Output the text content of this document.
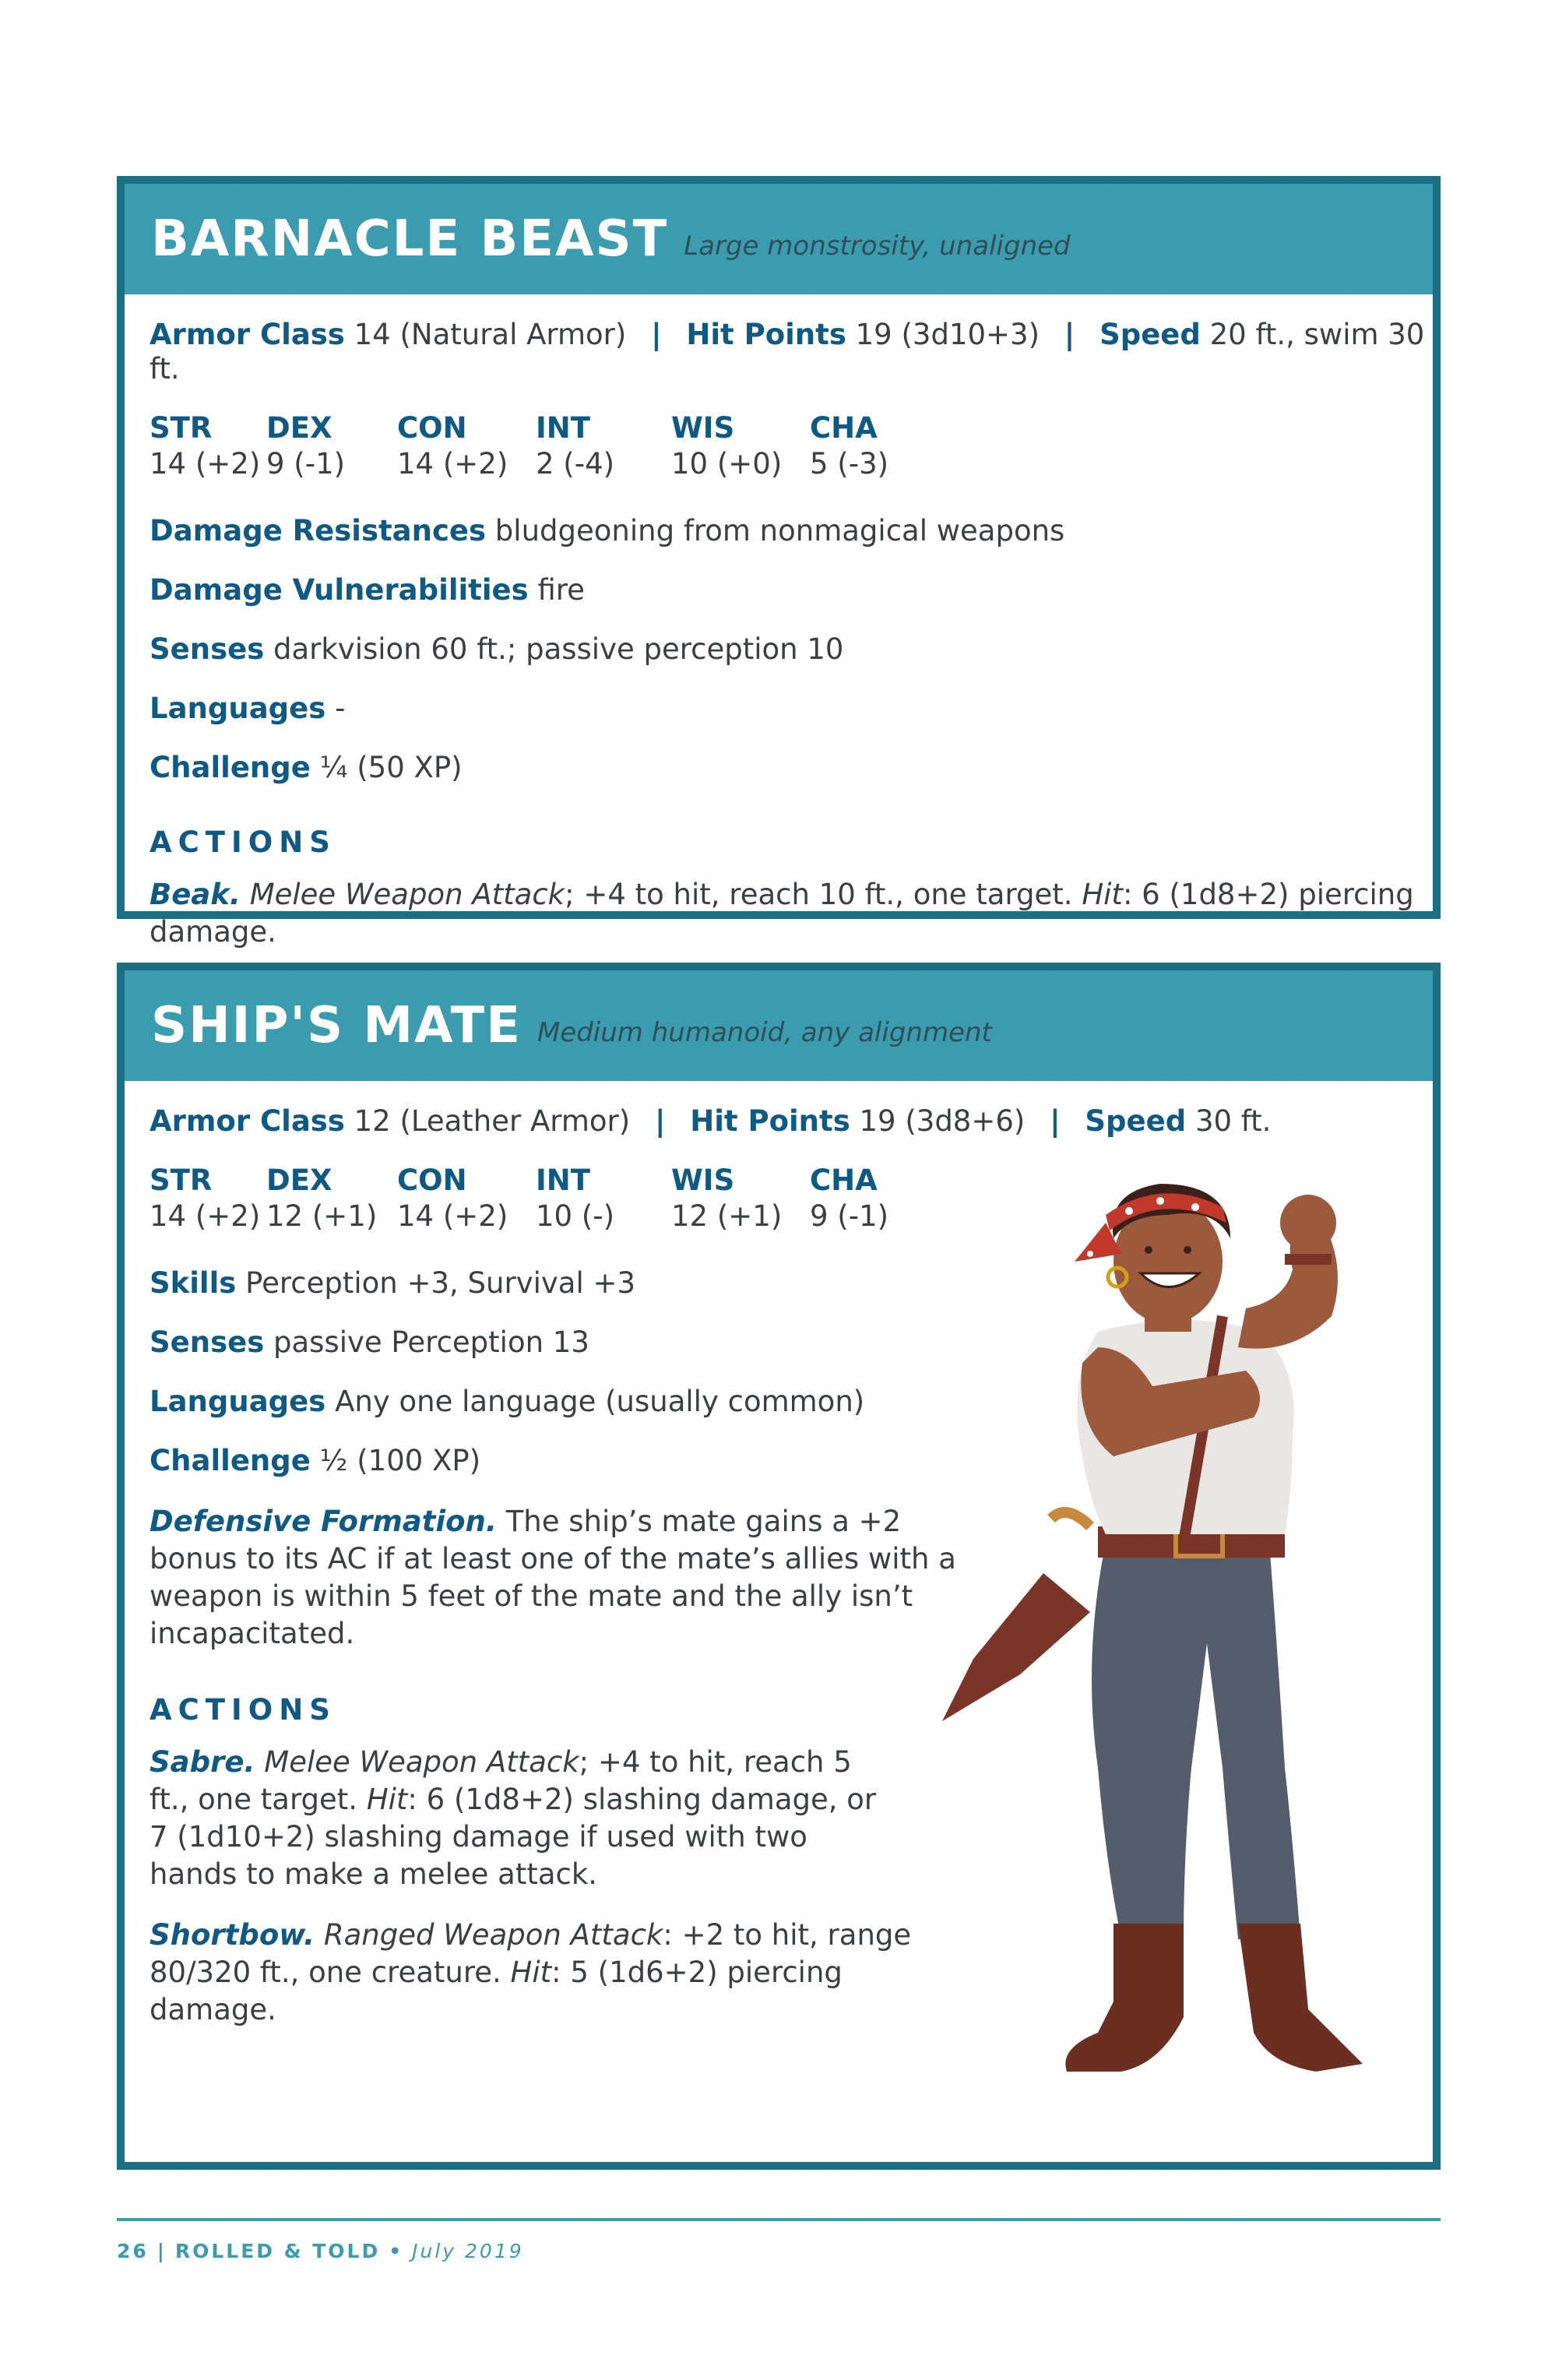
BARNACLE BEAST Large monstrosity, unaligned
Armor Class 14 (Natural Armor) | Hit Points 19 (3d10+3) | Speed 20 ft., swim 30 ft.
STR
14 (+2)
DEX
9 (-1)
CON
14 (+2)
INT
2 (-4)
WIS
10 (+0)
CHA
5 (-3)
Damage Resistances bludgeoning from nonmagical weapons
Damage Vulnerabilities fire
Senses darkvision 60 ft.; passive perception 10
Languages -
Challenge ¼ (50 XP)
ACTIONS
Beak. Melee Weapon Attack; +4 to hit, reach 10 ft., one target. Hit: 6 (1d8+2) piercing damage.
SHIP'S MATE Medium humanoid, any alignment
Armor Class 12 (Leather Armor) | Hit Points 19 (3d8+6) | Speed 30 ft.
STR
14 (+2)
DEX
12 (+1)
CON
14 (+2)
INT
10 (-)
WIS
12 (+1)
CHA
9 (-1)
Skills Perception +3, Survival +3
Senses passive Perception 13
Languages Any one language (usually common)
Challenge ½ (100 XP)
Defensive Formation. The ship’s mate gains a +2 bonus to its AC if at least one of the mate’s allies with a weapon is within 5 feet of the mate and the ally isn’t incapacitated.
ACTIONS
Sabre. Melee Weapon Attack; +4 to hit, reach 5 ft., one target. Hit: 6 (1d8+2) slashing damage, or 7 (1d10+2) slashing damage if used with two hands to make a melee attack.
Shortbow. Ranged Weapon Attack: +2 to hit, range 80/320 ft., one creature. Hit: 5 (1d6+2) piercing damage.
26 | ROLLED & TOLD • July 2019
